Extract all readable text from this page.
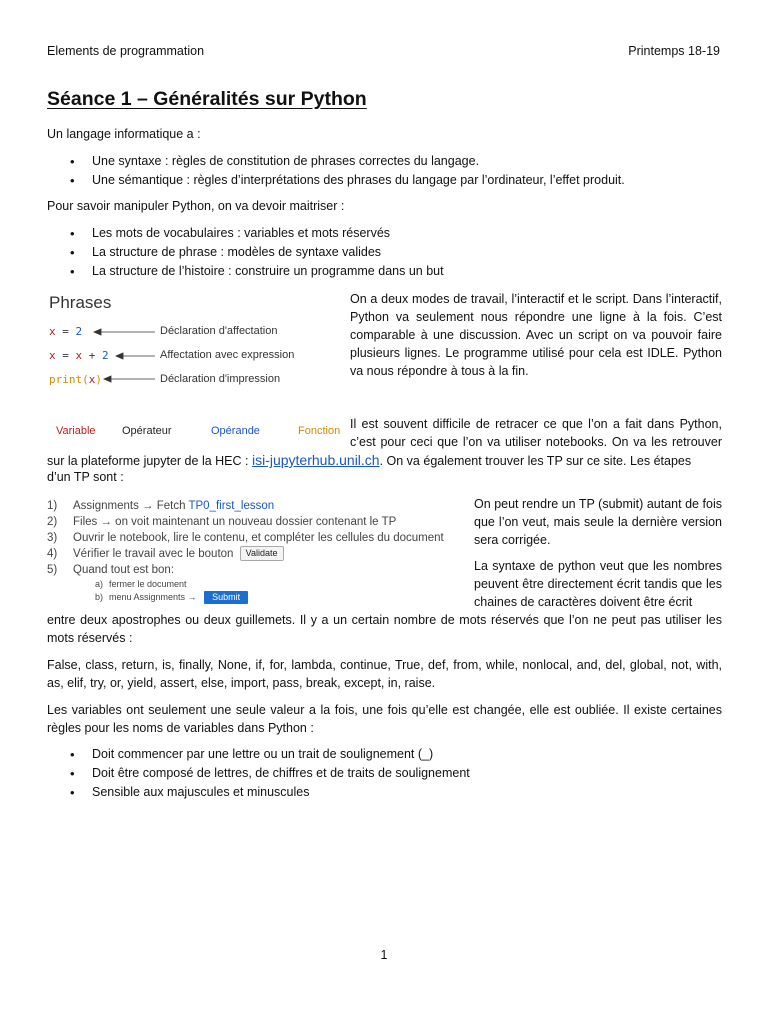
Elements de programmation	Printemps 18-19
Séance 1 – Généralités sur Python
Un langage informatique a :
• Une syntaxe : règles de constitution de phrases correctes du langage.
• Une sémantique : règles d’interprétations des phrases du langage par l’ordinateur, l’effet produit.
Pour savoir manipuler Python, on va devoir maitriser :
• Les mots de vocabulaires : variables et mots réservés
• La structure de phrase : modèles de syntaxe valides
• La structure de l’histoire : construire un programme dans un but
Phrases
x = 2
x = x + 2
print(x)
Déclaration d'affectation
Affectation avec expression
Déclaration d'impression
Variable Opérateur	Opérande	Fonction
On a deux modes de travail, l’interactif et le script. Dans l’interactif, Python va seulement nous répondre une ligne à la fois. C’est comparable à une discussion. Avec un script on va pouvoir faire plusieurs lignes. Le programme utilisé pour cela est IDLE. Python va nous répondre à tous à la fin.
Il est souvent difficile de retracer ce que l’on a fait dans Python,
c’est pour ceci que l’on va utiliser notebooks. On va les retrouver
sur la plateforme jupyter de la HEC : isi-jupyterhub.unil.ch. On va également trouver les TP sur ce site. Les étapes
d’un TP sont :
1) Assignments → Fetch TP0_first_lesson
2) Files → on voit maintenant un nouveau dossier contenant le TP
3) Ouvrir le notebook, lire le contenu, et compléter les cellules du document
4) Vérifier le travail avec le bouton Validate
5) Quand tout est bon:
a) fermer le document
b) menu Assignments → Submit
On peut rendre un TP (submit) autant de fois que l’on veut, mais seule la dernière version sera corrigée.
La syntaxe de python veut que les nombres peuvent être directement écrit tandis que les chaines de caractères doivent être écrit
entre deux apostrophes ou deux guillemets. Il y a un certain nombre de mots réservés que l’on ne peut pas utiliser les mots réservés :
False, class, return, is, finally, None, if, for, lambda, continue, True, def, from, while, nonlocal, and, del, global, not, with, as, elif, try, or, yield, assert, else, import, pass, break, except, in, raise.
Les variables ont seulement une seule valeur a la fois, une fois qu’elle est changée, elle est oubliée. Il existe certaines règles pour les noms de variables dans Python :
• Doit commencer par une lettre ou un trait de soulignement (_)
• Doit être composé de lettres, de chiffres et de traits de soulignement
• Sensible aux majuscules et minuscules
1
